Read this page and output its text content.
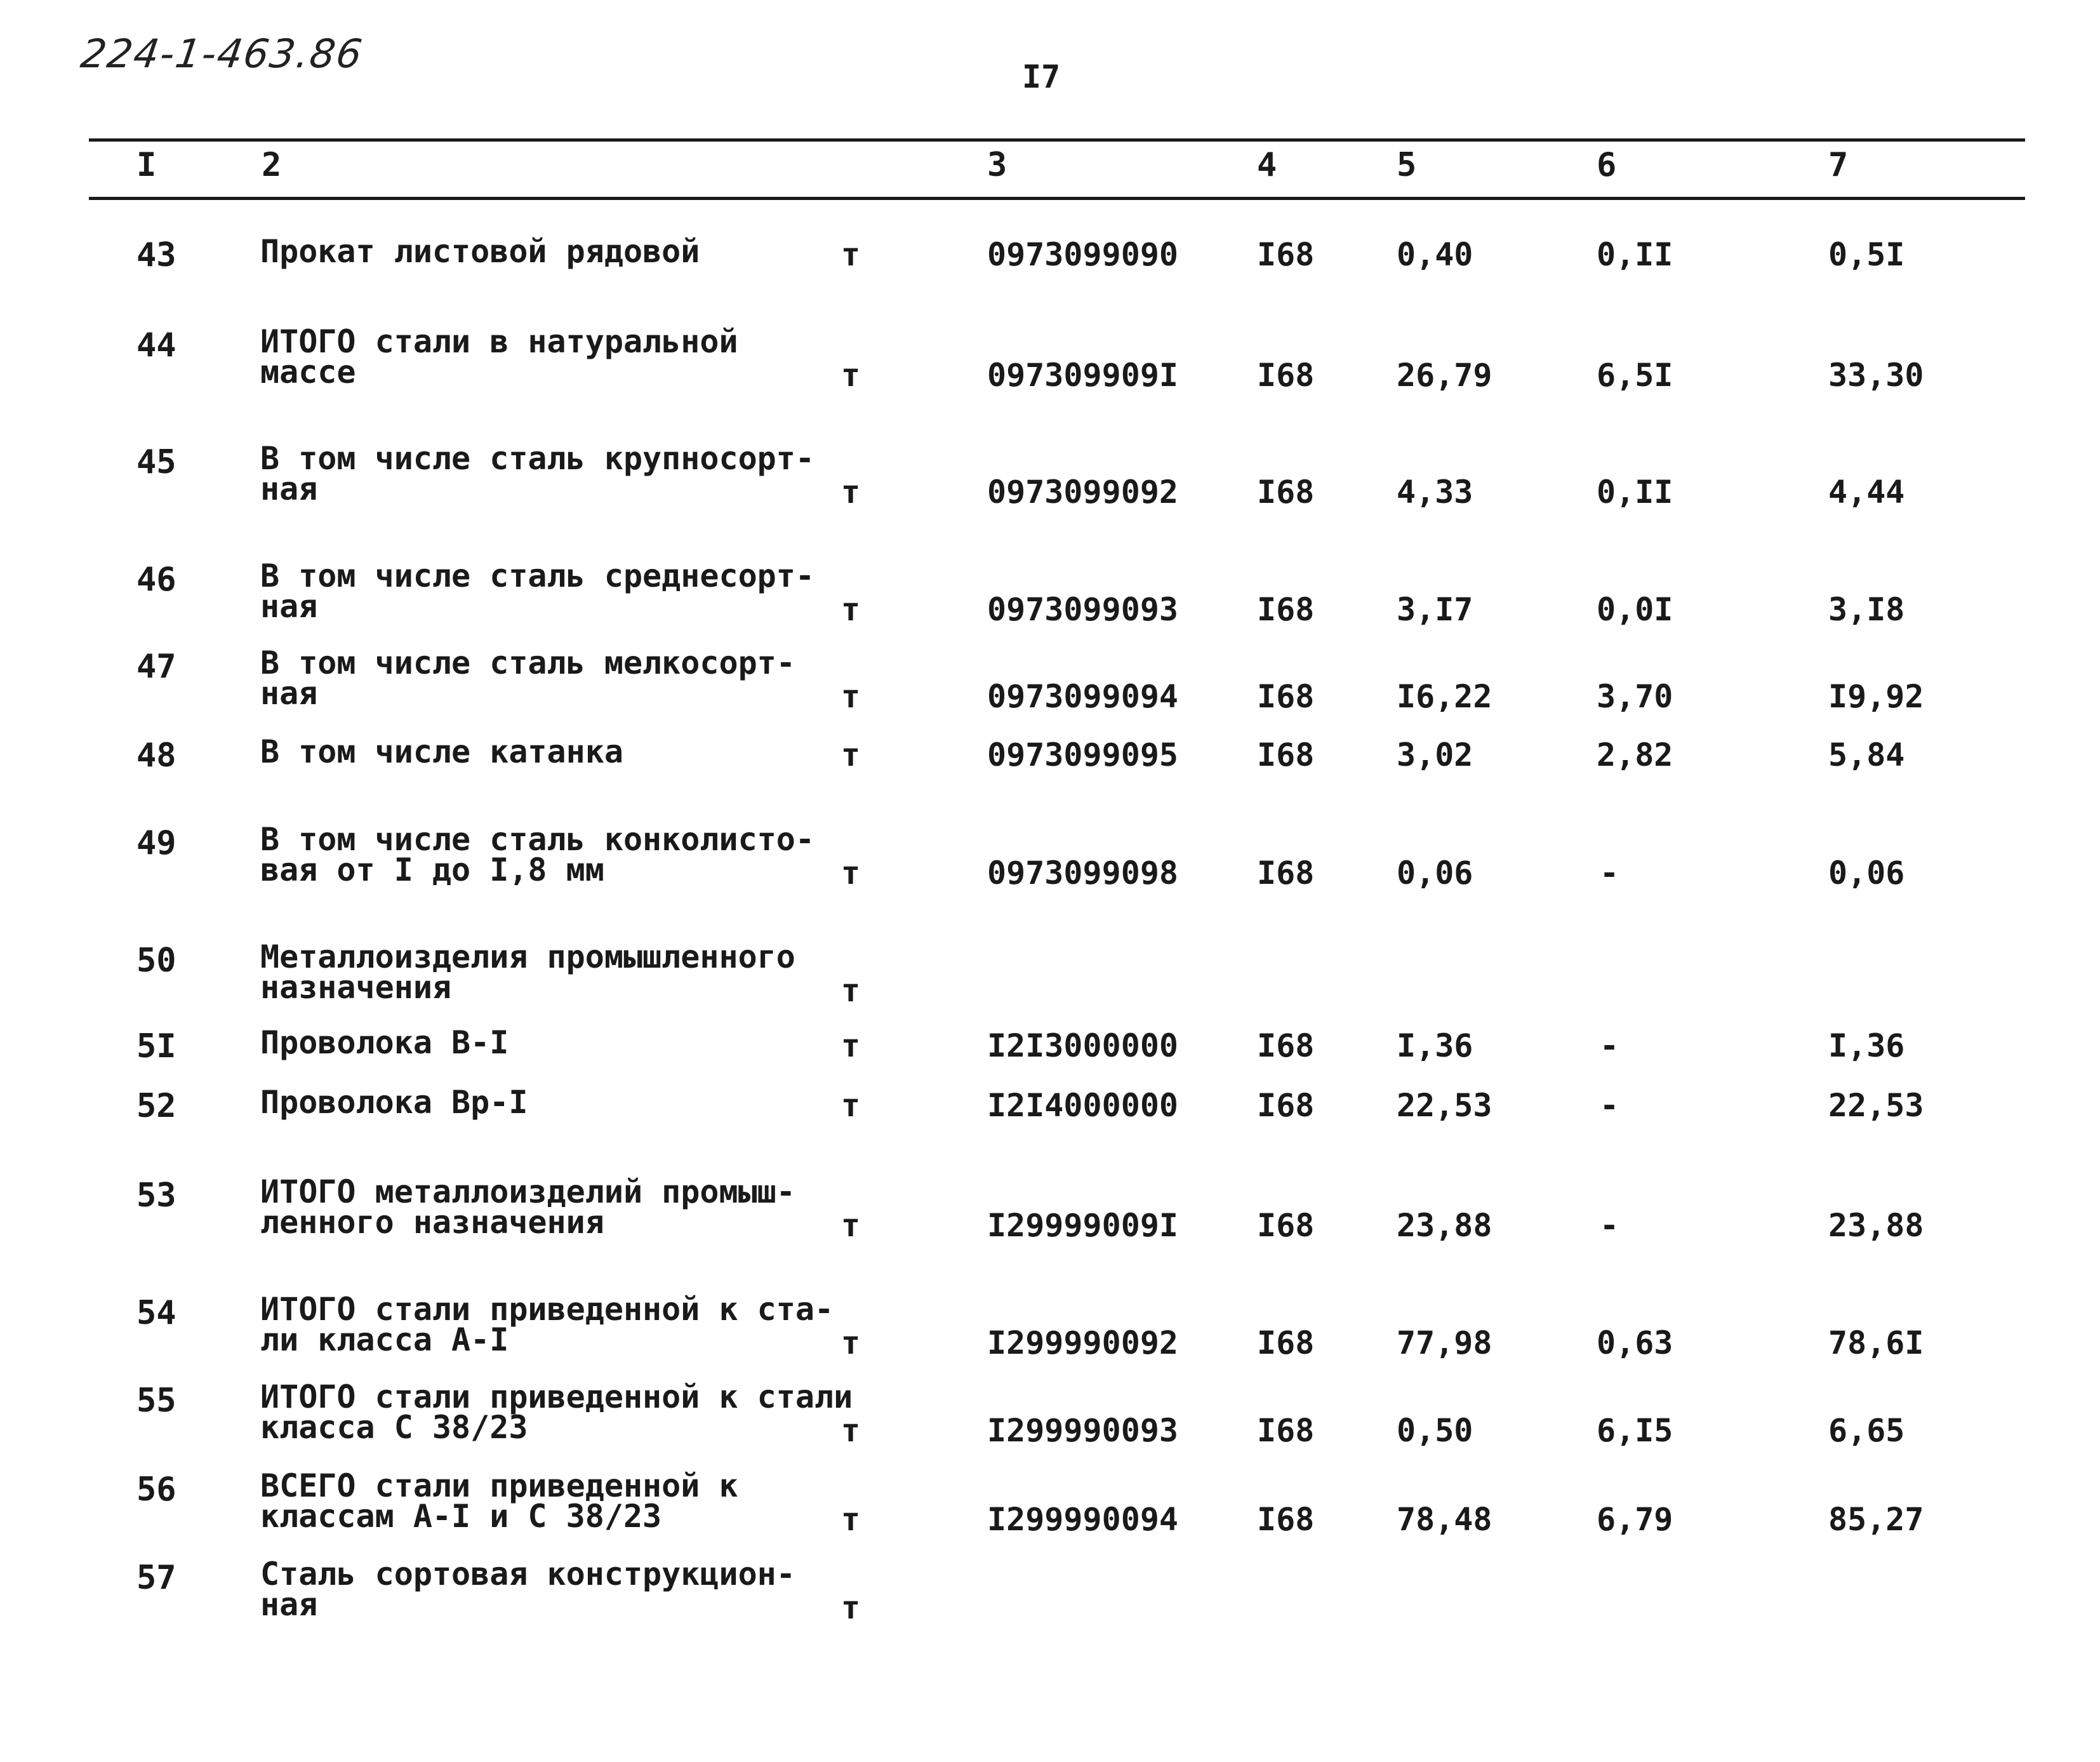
224-1-463.86	I7
I	2	3	4	5	6	7
43	Прокат листовой рядовой	т	0973099090 I68	0,40	0,II	0,5I
44	ИТОГО стали в натуральной
массе	т	097309909I I68	26,79	6,5I	33,30
45	В том числе сталь крупносорт-
ная	т	0973099092 I68	4,33	0,II	4,44
46	В том числе сталь среднесорт-
ная	т	0973099093 I68	3,I7	0,0I	3,I8
47	В том числе сталь мелкосорт-
ная	т	0973099094 I68	I6,22	3,70	I9,92
48	В том числе катанка	т	0973099095 I68	3,02	2,82	5,84
49	В том числе сталь конколисто-
вая от I до I,8 мм	т	0973099098 I68	0,06	-	0,06
50	Металлоизделия промышленного
назначения	т
5I	Проволока В-I	т	I2I3000000 I68	I,36	-	I,36
52	Проволока Вр-I	т	I2I4000000 I68	22,53	-	22,53
53	ИТОГО металлоизделий промыш-
ленного назначения	т	I29999009I I68	23,88	-	23,88
54	ИТОГО стали приведенной к ста-
ли класса А-I	т	I299990092 I68	77,98	0,63	78,6I
55	ИТОГО стали приведенной к стали
класса С 38/23	т	I299990093 I68	0,50	6,I5	6,65
56	ВСЕГО стали приведенной к
классам А-I и С 38/23	т	I299990094 I68	78,48	6,79	85,27
57	Сталь сортовая конструкцион-
ная	т
